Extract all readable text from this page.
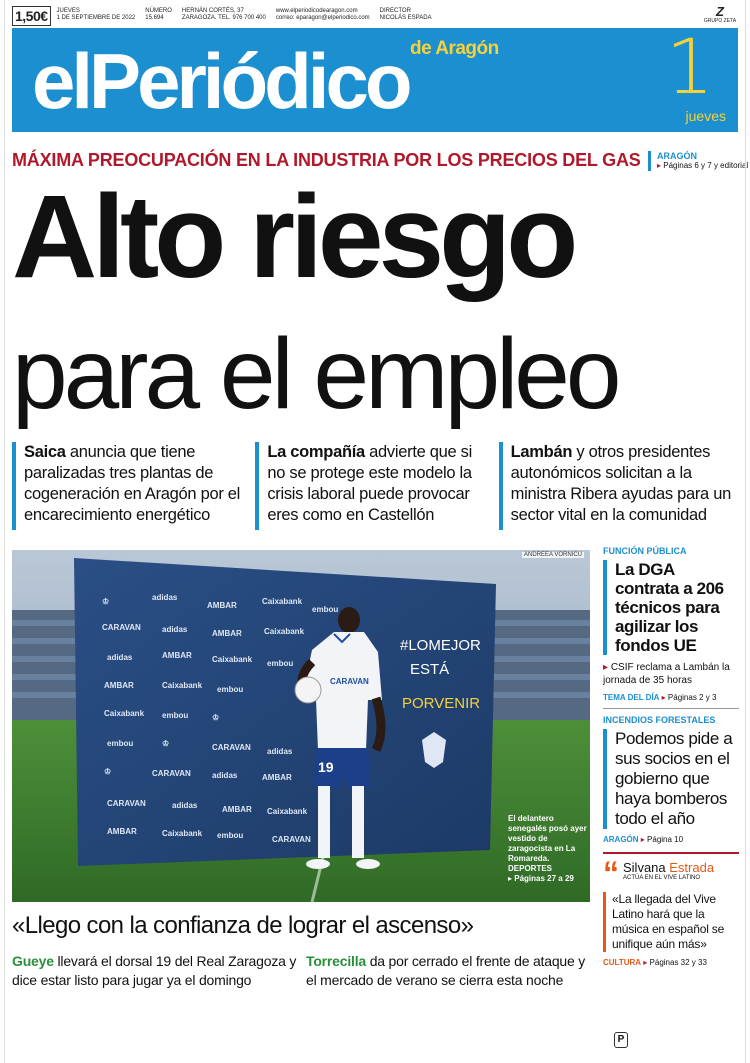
1,50€	JUEVES
1 DE SEPTIEMBRE DE 2022
NÚMERO
15.694
HERNÁN CORTÉS, 37
ZARAGOZA. TEL. 976 700 400
www.elperiodicodearagon.com
correo: eparagon@elperiodico.com
DIRECTOR
NICOLÁS ESPADA	Z
GRUPO ZETA
elPeriódico de Aragón 1
jueves
MÁXIMA PREOCUPACIÓN EN LA INDUSTRIA POR LOS PRECIOS DEL GAS ARAGÓN
▸ Páginas 6 y 7 y editorial
Alto riesgo
para el empleo
Saica anuncia que tiene paralizadas tres plantas de cogeneración en Aragón por el encarecimiento energético
La compañía advierte que si no se protege este modelo la crisis laboral puede provocar eres como en Castellón
Lambán y otros presidentes autonómicos solicitan a la ministra Ribera ayudas para un sector vital en la comunidad
♔	adidas
AMBAR	Caixabank
embou
CARAVAN	adidas	AMBAR	Caixabank
adidas	AMBAR	Caixabank embou
AMBAR	Caixabank embou
Caixabank embou	♔
embou	♔	CARAVAN adidas
♔	CARAVAN	adidas	AMBAR
CARAVAN	adidas	AMBAR Caixabank
AMBAR	Caixabank embou	CARAVAN
#LOMEJOR
ESTÁ
PORVENIR
CARAVAN
19
ANDREEA VORNICU
El delantero senegalés posó ayer vestido de zaragocista en La Romareda.
DEPORTES
▸ Páginas 27 a 29
«Llego con la confianza de lograr el ascenso»
Gueye llevará el dorsal 19 del Real Zaragoza y dice estar listo para jugar ya el domingo
Torrecilla da por cerrado el frente de ataque y el mercado de verano se cierra esta noche
FUNCIÓN PÚBLICA
La DGA contrata a 206 técnicos para agilizar los fondos UE
▸ CSIF reclama a Lambán la jornada de 35 horas
TEMA DEL DÍA ▸ Páginas 2 y 3
INCENDIOS FORESTALES
Podemos pide a sus socios en el gobierno que haya bomberos todo el año
ARAGÓN ▸ Página 10
“ Silvana Estrada
ACTÚA EN EL VIVE LATINO
«La llegada del Vive Latino hará que la música en español se unifique aún más»
CULTURA ▸ Páginas 32 y 33
P
